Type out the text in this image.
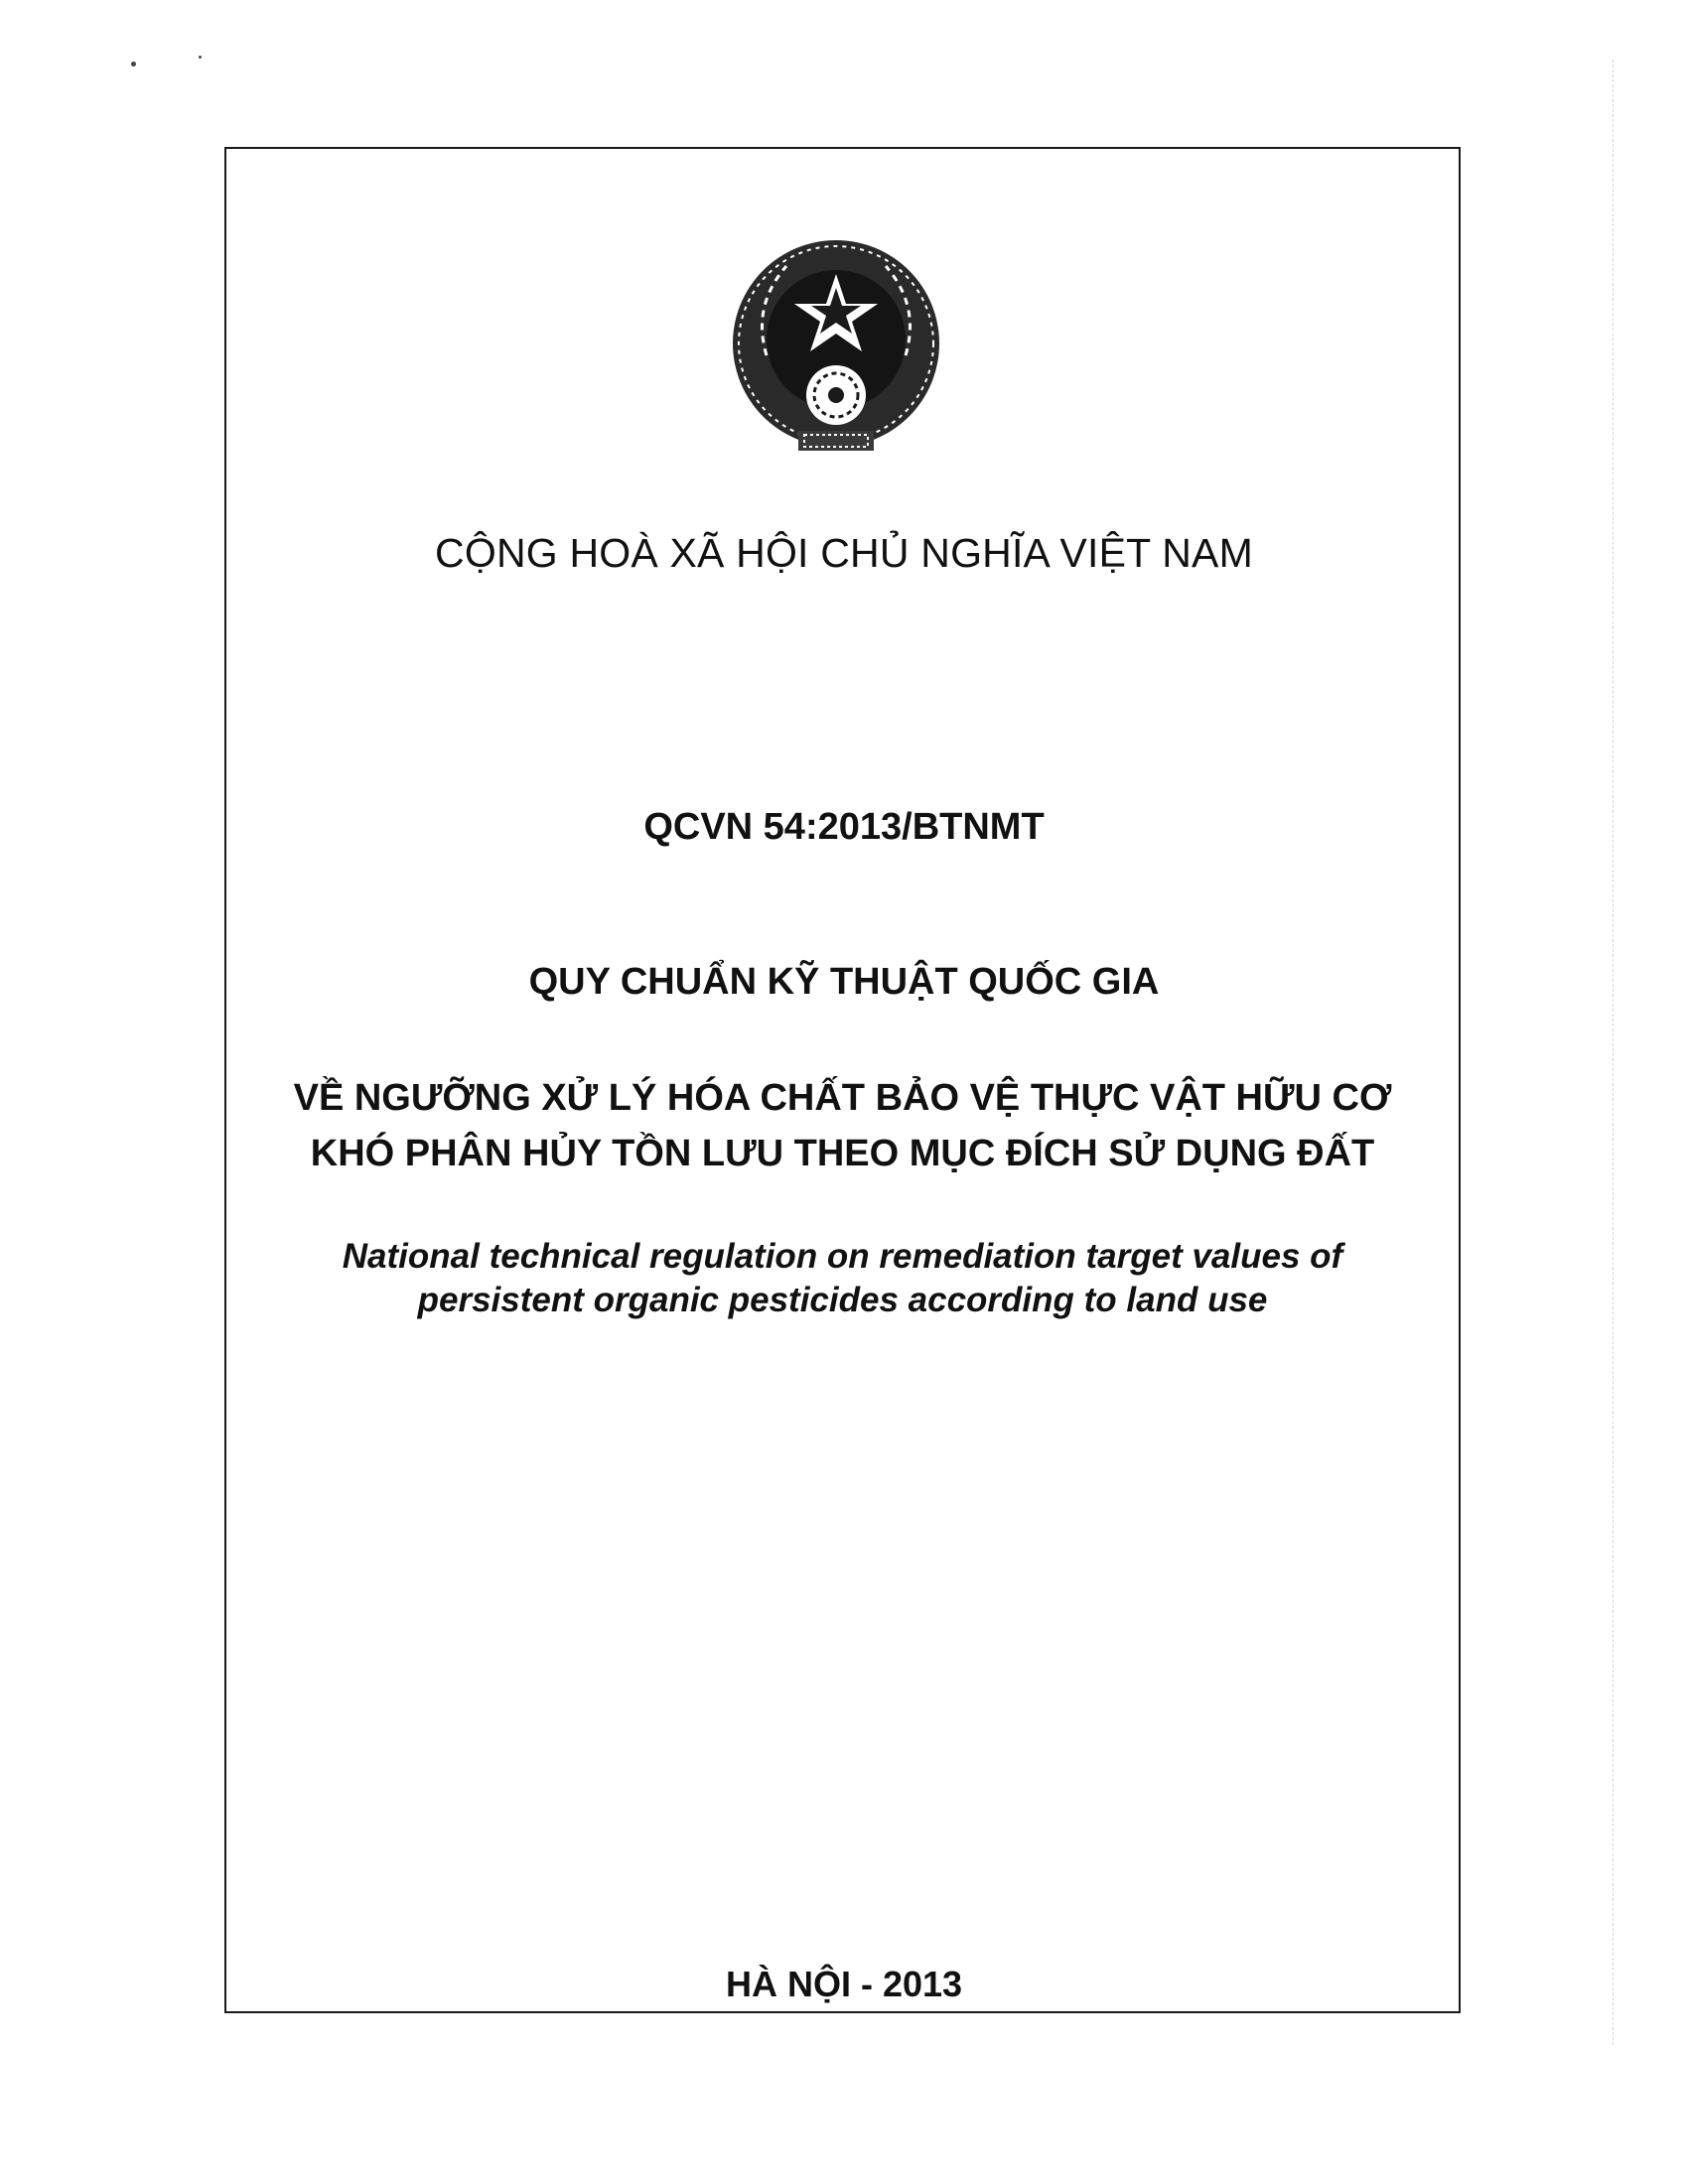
CỘNG HOÀ XÃ HỘI CHỦ NGHĨA VIỆT NAM
QCVN 54:2013/BTNMT
QUY CHUẨN KỸ THUẬT QUỐC GIA
VỀ NGƯỠNG XỬ LÝ HÓA CHẤT BẢO VỆ THỰC VẬT HỮU CƠ
KHÓ PHÂN HỦY TỒN LƯU THEO MỤC ĐÍCH SỬ DỤNG ĐẤT
National technical regulation on remediation target values of
persistent organic pesticides according to land use
HÀ NỘI - 2013
